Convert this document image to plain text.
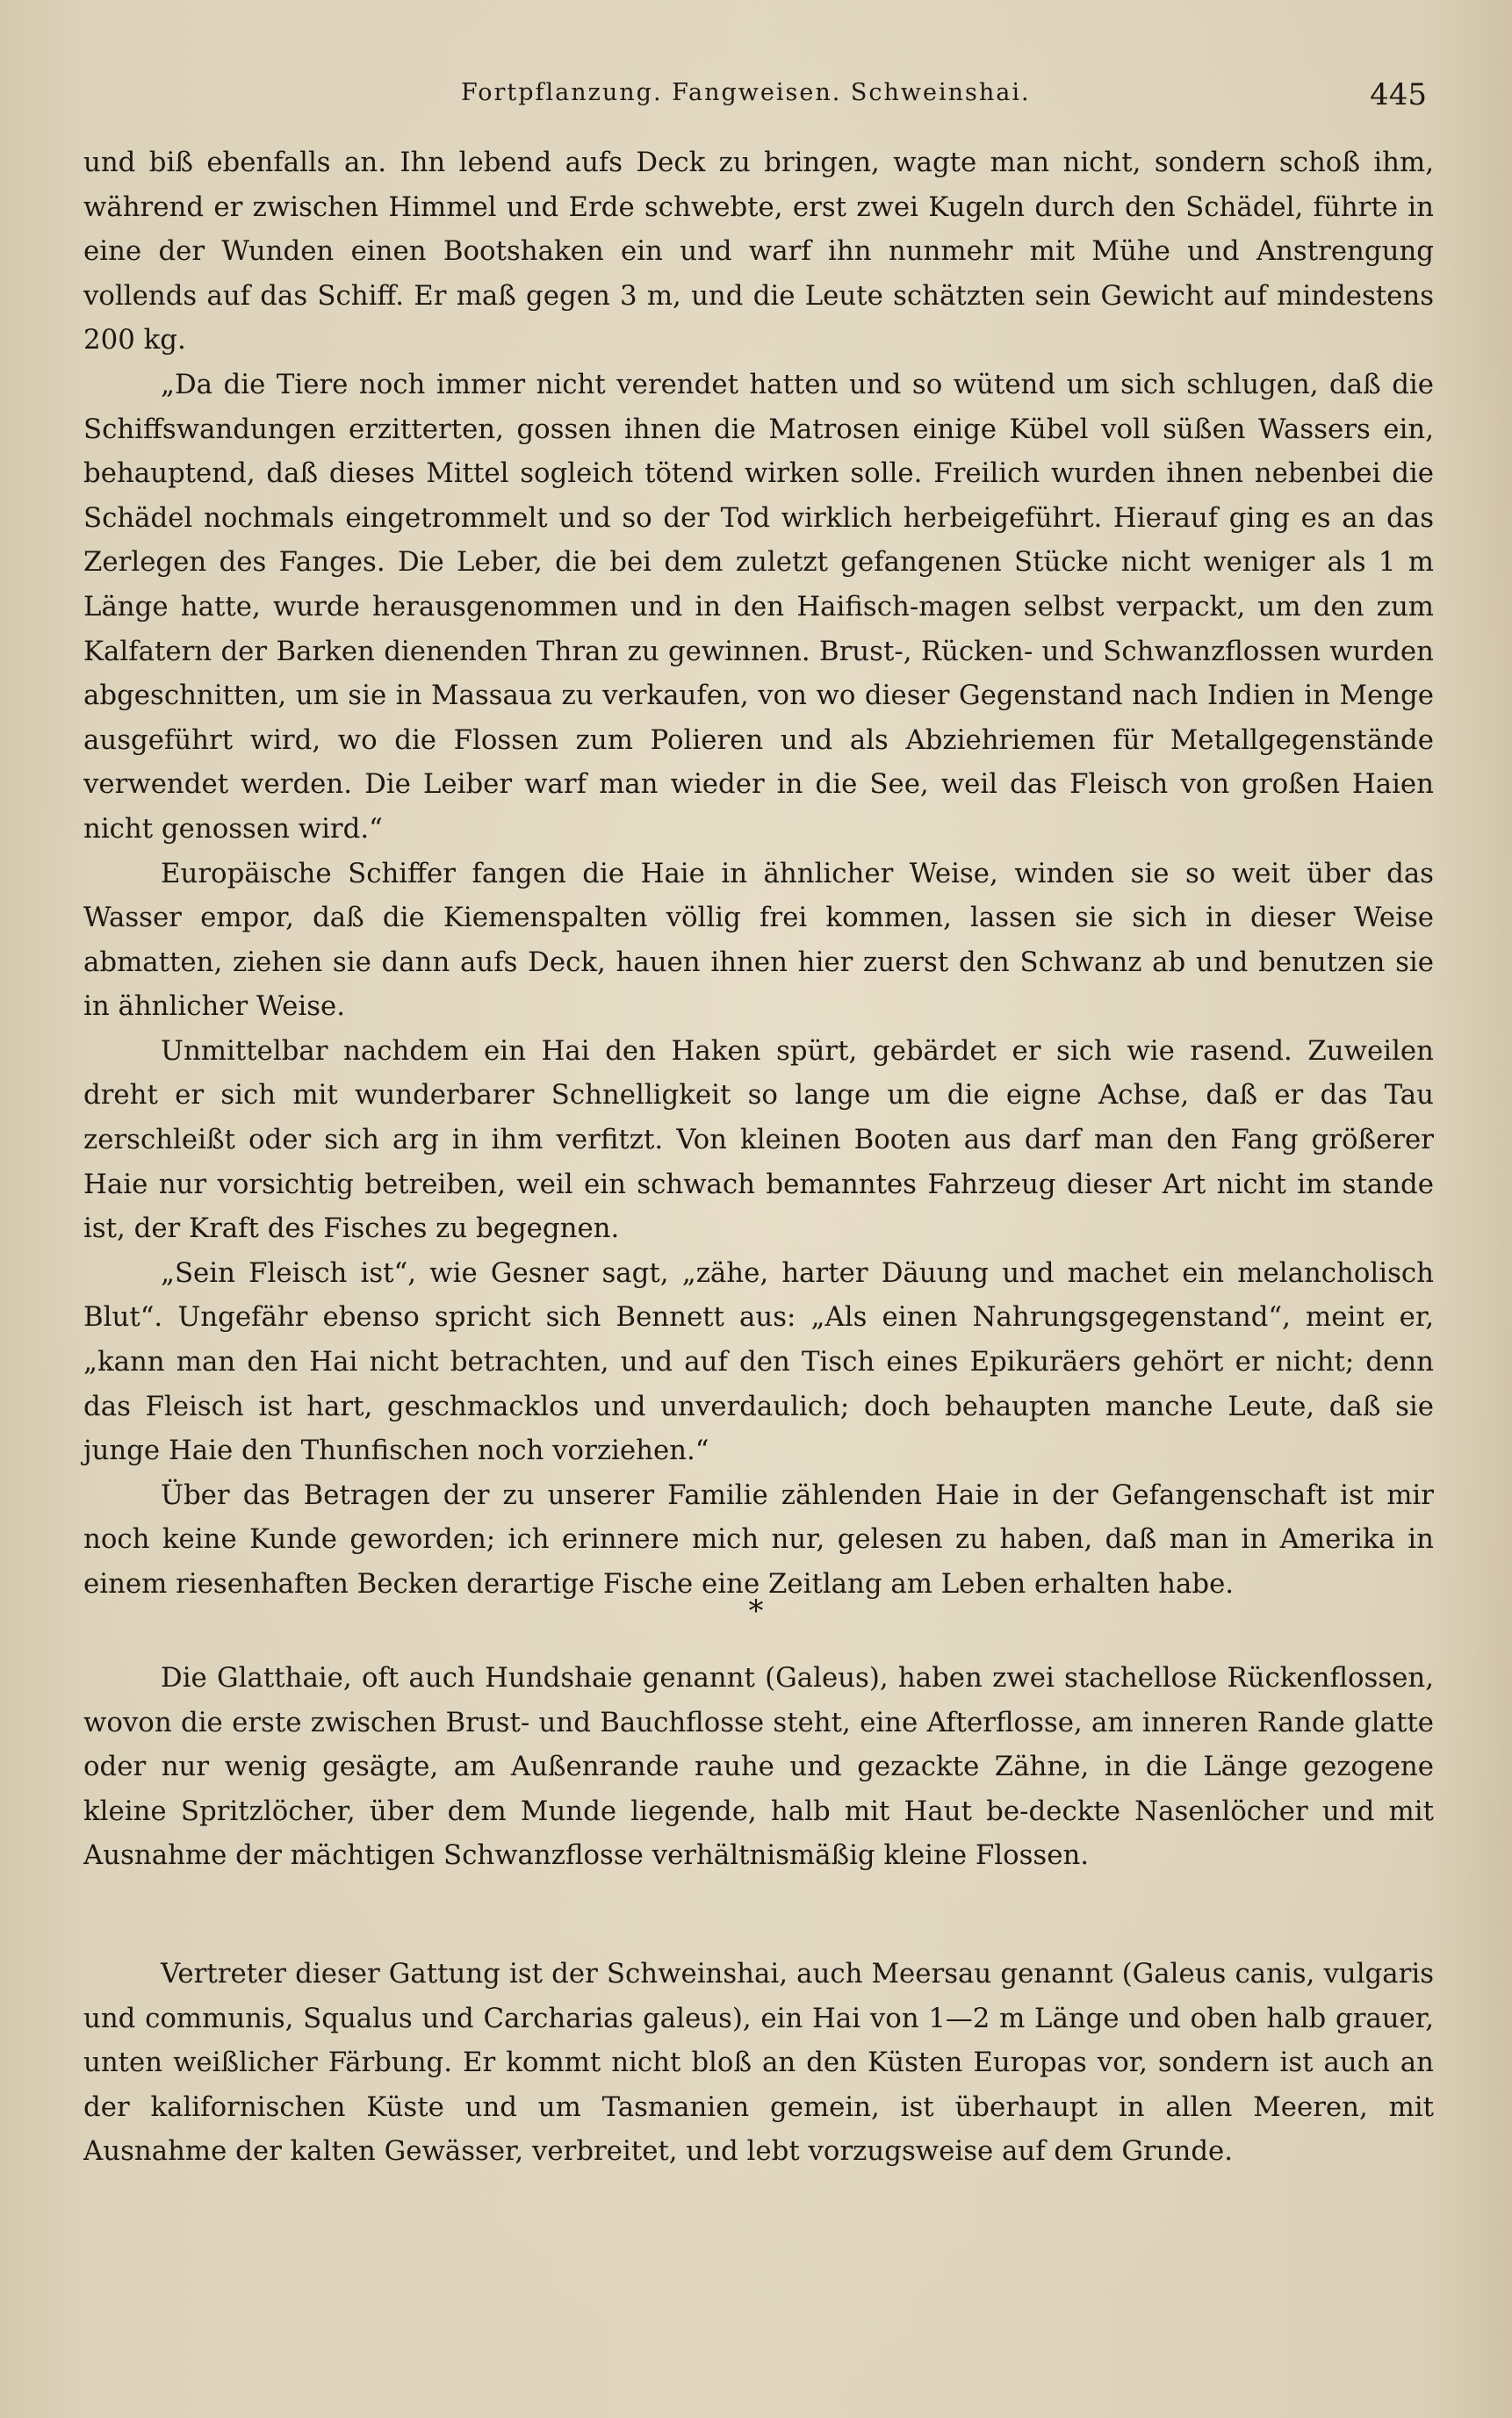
Fortpflanzung. Fangweisen. Schweinshai.	445

und biß ebenfalls an. Ihn lebend aufs Deck zu bringen, wagte man nicht, sondern schoß ihm, während er zwischen Himmel und Erde schwebte, erst zwei Kugeln durch den Schädel, führte in eine der Wunden einen Bootshaken ein und warf ihn nunmehr mit Mühe und Anstrengung vollends auf das Schiff. Er maß gegen 3 m, und die Leute schätzten sein Gewicht auf mindestens 200 kg.

„Da die Tiere noch immer nicht verendet hatten und so wütend um sich schlugen, daß die Schiffswandungen erzitterten, gossen ihnen die Matrosen einige Kübel voll süßen Wassers ein, behauptend, daß dieses Mittel sogleich tötend wirken solle. Freilich wurden ihnen nebenbei die Schädel nochmals eingetrommelt und so der Tod wirklich herbeigeführt. Hierauf ging es an das Zerlegen des Fanges. Die Leber, die bei dem zuletzt gefangenen Stücke nicht weniger als 1 m Länge hatte, wurde herausgenommen und in den Haifisch-magen selbst verpackt, um den zum Kalfatern der Barken dienenden Thran zu gewinnen. Brust-, Rücken- und Schwanzflossen wurden abgeschnitten, um sie in Massaua zu verkaufen, von wo dieser Gegenstand nach Indien in Menge ausgeführt wird, wo die Flossen zum Polieren und als Abziehriemen für Metallgegenstände verwendet werden. Die Leiber warf man wieder in die See, weil das Fleisch von großen Haien nicht genossen wird.“

Europäische Schiffer fangen die Haie in ähnlicher Weise, winden sie so weit über das Wasser empor, daß die Kiemenspalten völlig frei kommen, lassen sie sich in dieser Weise abmatten, ziehen sie dann aufs Deck, hauen ihnen hier zuerst den Schwanz ab und benutzen sie in ähnlicher Weise.

Unmittelbar nachdem ein Hai den Haken spürt, gebärdet er sich wie rasend. Zuweilen dreht er sich mit wunderbarer Schnelligkeit so lange um die eigne Achse, daß er das Tau zerschleißt oder sich arg in ihm verfitzt. Von kleinen Booten aus darf man den Fang größerer Haie nur vorsichtig betreiben, weil ein schwach bemanntes Fahrzeug dieser Art nicht im stande ist, der Kraft des Fisches zu begegnen.

„Sein Fleisch ist“, wie Gesner sagt, „zähe, harter Däuung und machet ein melancholisch Blut“. Ungefähr ebenso spricht sich Bennett aus: „Als einen Nahrungsgegenstand“, meint er, „kann man den Hai nicht betrachten, und auf den Tisch eines Epikuräers gehört er nicht; denn das Fleisch ist hart, geschmacklos und unverdaulich; doch behaupten manche Leute, daß sie junge Haie den Thunfischen noch vorziehen.“

Über das Betragen der zu unserer Familie zählenden Haie in der Gefangenschaft ist mir noch keine Kunde geworden; ich erinnere mich nur, gelesen zu haben, daß man in Amerika in einem riesenhaften Becken derartige Fische eine Zeitlang am Leben erhalten habe.

*

Die Glatthaie, oft auch Hundshaie genannt (Galeus), haben zwei stachellose Rückenflossen, wovon die erste zwischen Brust- und Bauchflosse steht, eine Afterflosse, am inneren Rande glatte oder nur wenig gesägte, am Außenrande rauhe und gezackte Zähne, in die Länge gezogene kleine Spritzlöcher, über dem Munde liegende, halb mit Haut be-deckte Nasenlöcher und mit Ausnahme der mächtigen Schwanzflosse verhältnismäßig kleine Flossen.

Vertreter dieser Gattung ist der Schweinshai, auch Meersau genannt (Galeus canis, vulgaris und communis, Squalus und Carcharias galeus), ein Hai von 1—2 m Länge und oben halb grauer, unten weißlicher Färbung. Er kommt nicht bloß an den Küsten Europas vor, sondern ist auch an der kalifornischen Küste und um Tasmanien gemein, ist überhaupt in allen Meeren, mit Ausnahme der kalten Gewässer, verbreitet, und lebt vorzugsweise auf dem Grunde.
